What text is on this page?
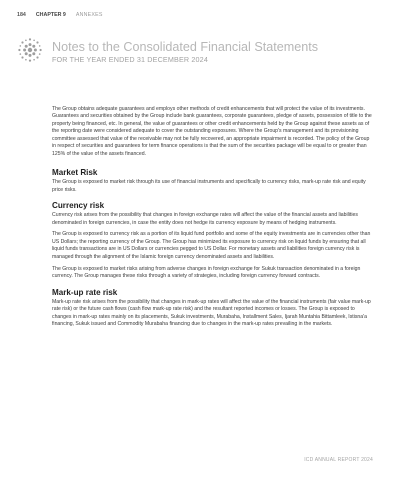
184 CHAPTER 9 ANNEXES
Notes to the Consolidated Financial Statements
FOR THE YEAR ENDED 31 DECEMBER 2024

The Group obtains adequate guarantees and employs other methods of credit enhancements that will protect the value of its investments. Guarantees and securities obtained by the Group include bank guarantees, corporate guarantees, pledge of assets, possession of title to the property being financed, etc. In general, the value of guarantees or other credit enhancements held by the Group against these assets as of the reporting date were considered adequate to cover the outstanding exposures. Where the Group's management and its provisioning committee assessed that value of the receivable may not be fully recovered, an appropriate impairment is recorded. The policy of the Group in respect of securities and guarantees for term finance operations is that the sum of the securities package will be equal to or greater than 125% of the value of the assets financed.

Market Risk

The Group is exposed to market risk through its use of financial instruments and specifically to currency risks, mark-up rate risk and equity price risks.

Currency risk

Currency risk arises from the possibility that changes in foreign exchange rates will affect the value of the financial assets and liabilities denominated in foreign currencies, in case the entity does not hedge its currency exposure by means of hedging instruments.

The Group is exposed to currency risk as a portion of its liquid fund portfolio and some of the equity investments are in currencies other than US Dollars; the reporting currency of the Group. The Group has minimized its exposure to currency risk on liquid funds by ensuring that all liquid funds transactions are in US Dollars or currencies pegged to US Dollar. For monetary assets and liabilities foreign currency risk is managed through the alignment of the Islamic foreign currency denominated assets and liabilities.

The Group is exposed to market risks arising from adverse changes in foreign exchange for Sukuk transaction denominated in a foreign currency. The Group manages these risks through a variety of strategies, including foreign currency forward contracts.

Mark-up rate risk

Mark-up rate risk arises from the possibility that changes in mark-up rates will affect the value of the financial instruments (fair value mark-up rate risk) or the future cash flows (cash flow mark-up rate risk) and the resultant reported incomes or losses. The Group is exposed to changes in mark-up rates mainly on its placements, Sukuk investments, Murabaha, Installment Sales, Ijarah Muntahia Bittamleek, Istisna'a financing, Sukuk issued and Commodity Murabaha financing due to changes in the mark-up rates prevailing in the markets.

ICD ANNUAL REPORT 2024
